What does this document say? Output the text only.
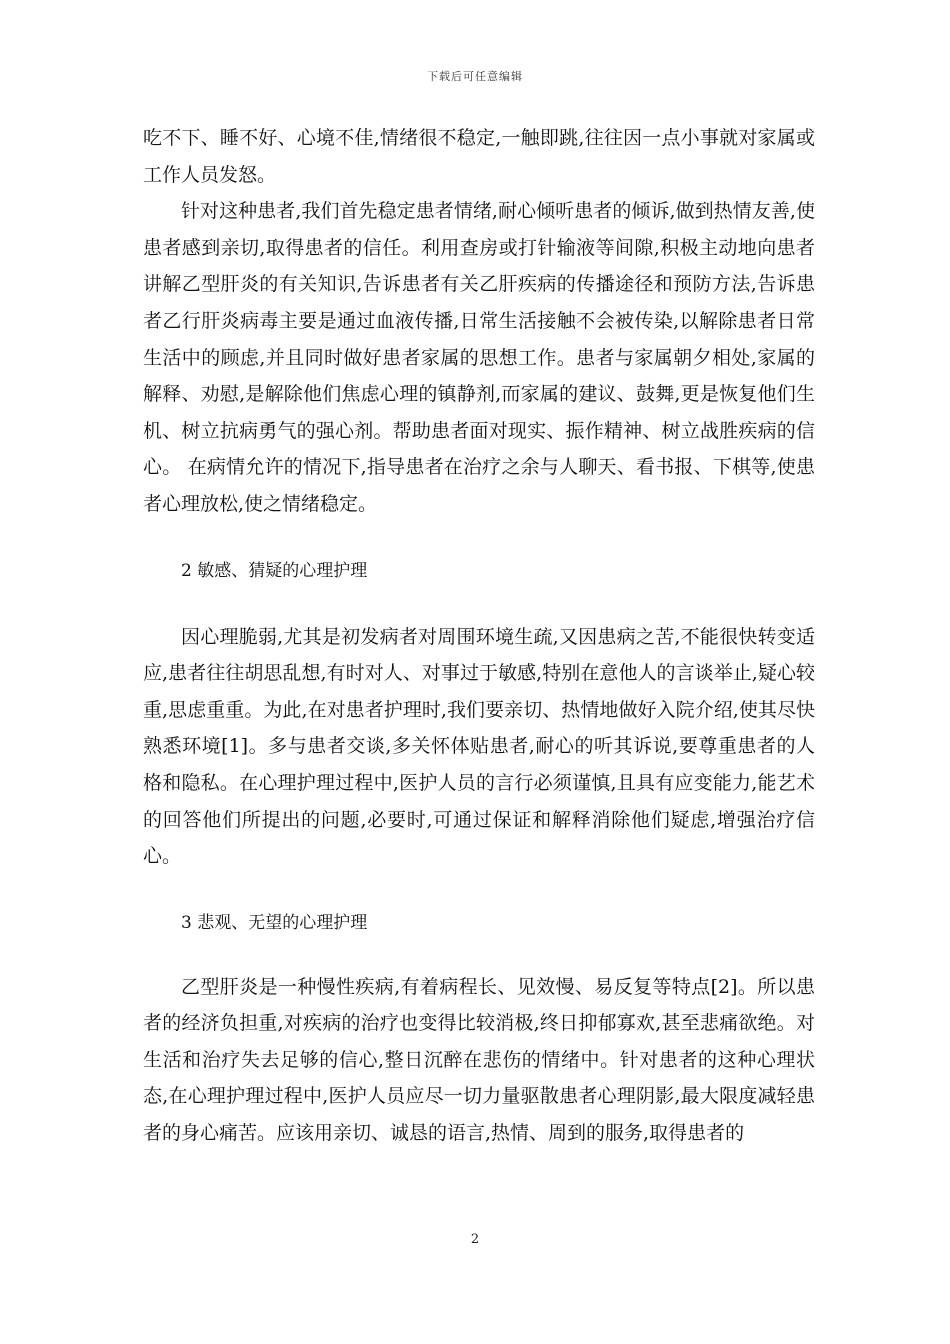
下载后可任意编辑

吃不下、睡不好、心境不佳,情绪很不稳定,一触即跳,往往因一点小事就对家属或工作人员发怒。

针对这种患者,我们首先稳定患者情绪,耐心倾听患者的倾诉,做到热情友善,使患者感到亲切,取得患者的信任。利用查房或打针输液等间隙,积极主动地向患者讲解乙型肝炎的有关知识,告诉患者有关乙肝疾病的传播途径和预防方法,告诉患者乙行肝炎病毒主要是通过血液传播,日常生活接触不会被传染,以解除患者日常生活中的顾虑,并且同时做好患者家属的思想工作。患者与家属朝夕相处,家属的解释、劝慰,是解除他们焦虑心理的镇静剂,而家属的建议、鼓舞,更是恢复他们生机、树立抗病勇气的强心剂。帮助患者面对现实、振作精神、树立战胜疾病的信心。 在病情允许的情况下,指导患者在治疗之余与人聊天、看书报、下棋等,使患者心理放松,使之情绪稳定。

2 敏感、猜疑的心理护理

因心理脆弱,尤其是初发病者对周围环境生疏,又因患病之苦,不能很快转变适应,患者往往胡思乱想,有时对人、对事过于敏感,特别在意他人的言谈举止,疑心较重,思虑重重。为此,在对患者护理时,我们要亲切、热情地做好入院介绍,使其尽快熟悉环境[1]。多与患者交谈,多关怀体贴患者,耐心的听其诉说,要尊重患者的人格和隐私。在心理护理过程中,医护人员的言行必须谨慎,且具有应变能力,能艺术的回答他们所提出的问题,必要时,可通过保证和解释消除他们疑虑,增强治疗信心。

3 悲观、无望的心理护理

乙型肝炎是一种慢性疾病,有着病程长、见效慢、易反复等特点[2]。所以患者的经济负担重,对疾病的治疗也变得比较消极,终日抑郁寡欢,甚至悲痛欲绝。对生活和治疗失去足够的信心,整日沉醉在悲伤的情绪中。针对患者的这种心理状态,在心理护理过程中,医护人员应尽一切力量驱散患者心理阴影,最大限度减轻患者的身心痛苦。应该用亲切、诚恳的语言,热情、周到的服务,取得患者的

2
